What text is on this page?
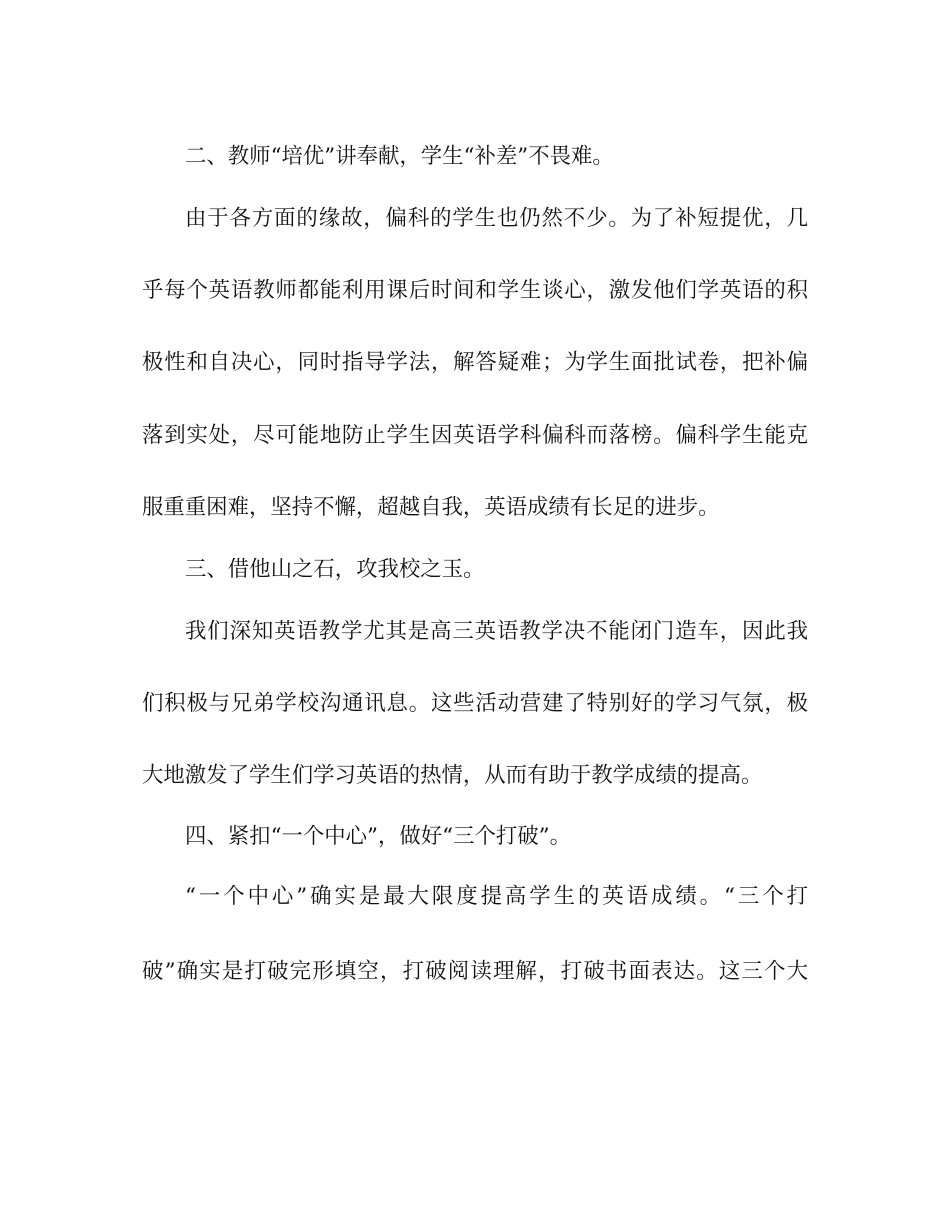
二、教师“培优”讲奉献，学生“补差”不畏难。
由于各方面的缘故，偏科的学生也仍然不少。为了补短提优，几
乎每个英语教师都能利用课后时间和学生谈心，激发他们学英语的积
极性和自决心，同时指导学法，解答疑难；为学生面批试卷，把补偏
落到实处，尽可能地防止学生因英语学科偏科而落榜。偏科学生能克
服重重困难，坚持不懈，超越自我，英语成绩有长足的进步。
三、借他山之石，攻我校之玉。
我们深知英语教学尤其是高三英语教学决不能闭门造车，因此我
们积极与兄弟学校沟通讯息。这些活动营建了特别好的学习气氛，极
大地激发了学生们学习英语的热情，从而有助于教学成绩的提高。
四、紧扣“一个中心”，做好“三个打破”。
“一个中心”确实是最大限度提高学生的英语成绩。“三个打
破”确实是打破完形填空，打破阅读理解，打破书面表达。这三个大
